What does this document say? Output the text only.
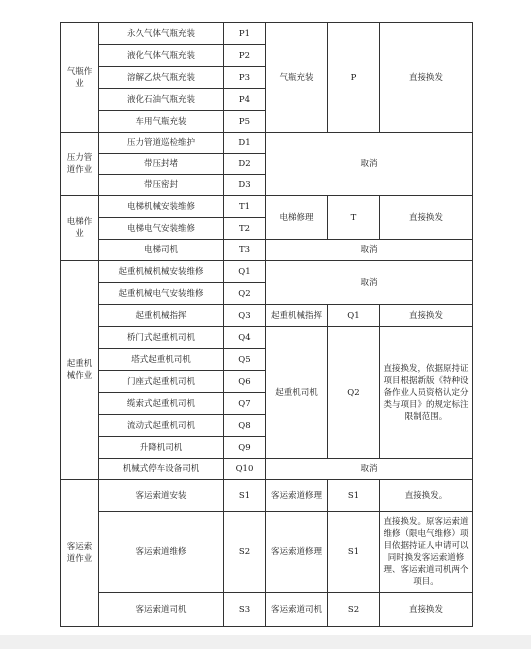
气瓶作业	永久气体气瓶充装	P1	气瓶充装	P	直接换发
	液化气体气瓶充装	P2			
	溶解乙炔气瓶充装	P3			
	液化石油气瓶充装	P4			
	车用气瓶充装	P5			
压力管道作业	压力管道巡检维护	D1	取消		
	带压封堵	D2			
	带压密封	D3			
电梯作业	电梯机械安装维修	T1	电梯修理	T	直接换发
	电梯电气安装维修	T2			
	电梯司机	T3	取消		
起重机械作业	起重机械机械安装维修	Q1	取消		
	起重机械电气安装维修	Q2			
	起重机械指挥	Q3	起重机械指挥	Q1	直接换发
	桥门式起重机司机	Q4	起重机司机	Q2	直接换发，依据原持证项目根据新版《特种设备作业人员资格认定分类与项目》的规定标注限制范围。
	塔式起重机司机	Q5			
	门座式起重机司机	Q6			
	缆索式起重机司机	Q7			
	流动式起重机司机	Q8			
	升降机司机	Q9			
	机械式停车设备司机	Q10	取消		
客运索道作业	客运索道安装	S1	客运索道修理	S1	直接换发。
	客运索道维修	S2	客运索道修理	S1	直接换发。原客运索道维修（限电气维修）项目依据持证人申请可以同时换发客运索道修理、客运索道司机两个项目。
	客运索道司机	S3	客运索道司机	S2	直接换发
